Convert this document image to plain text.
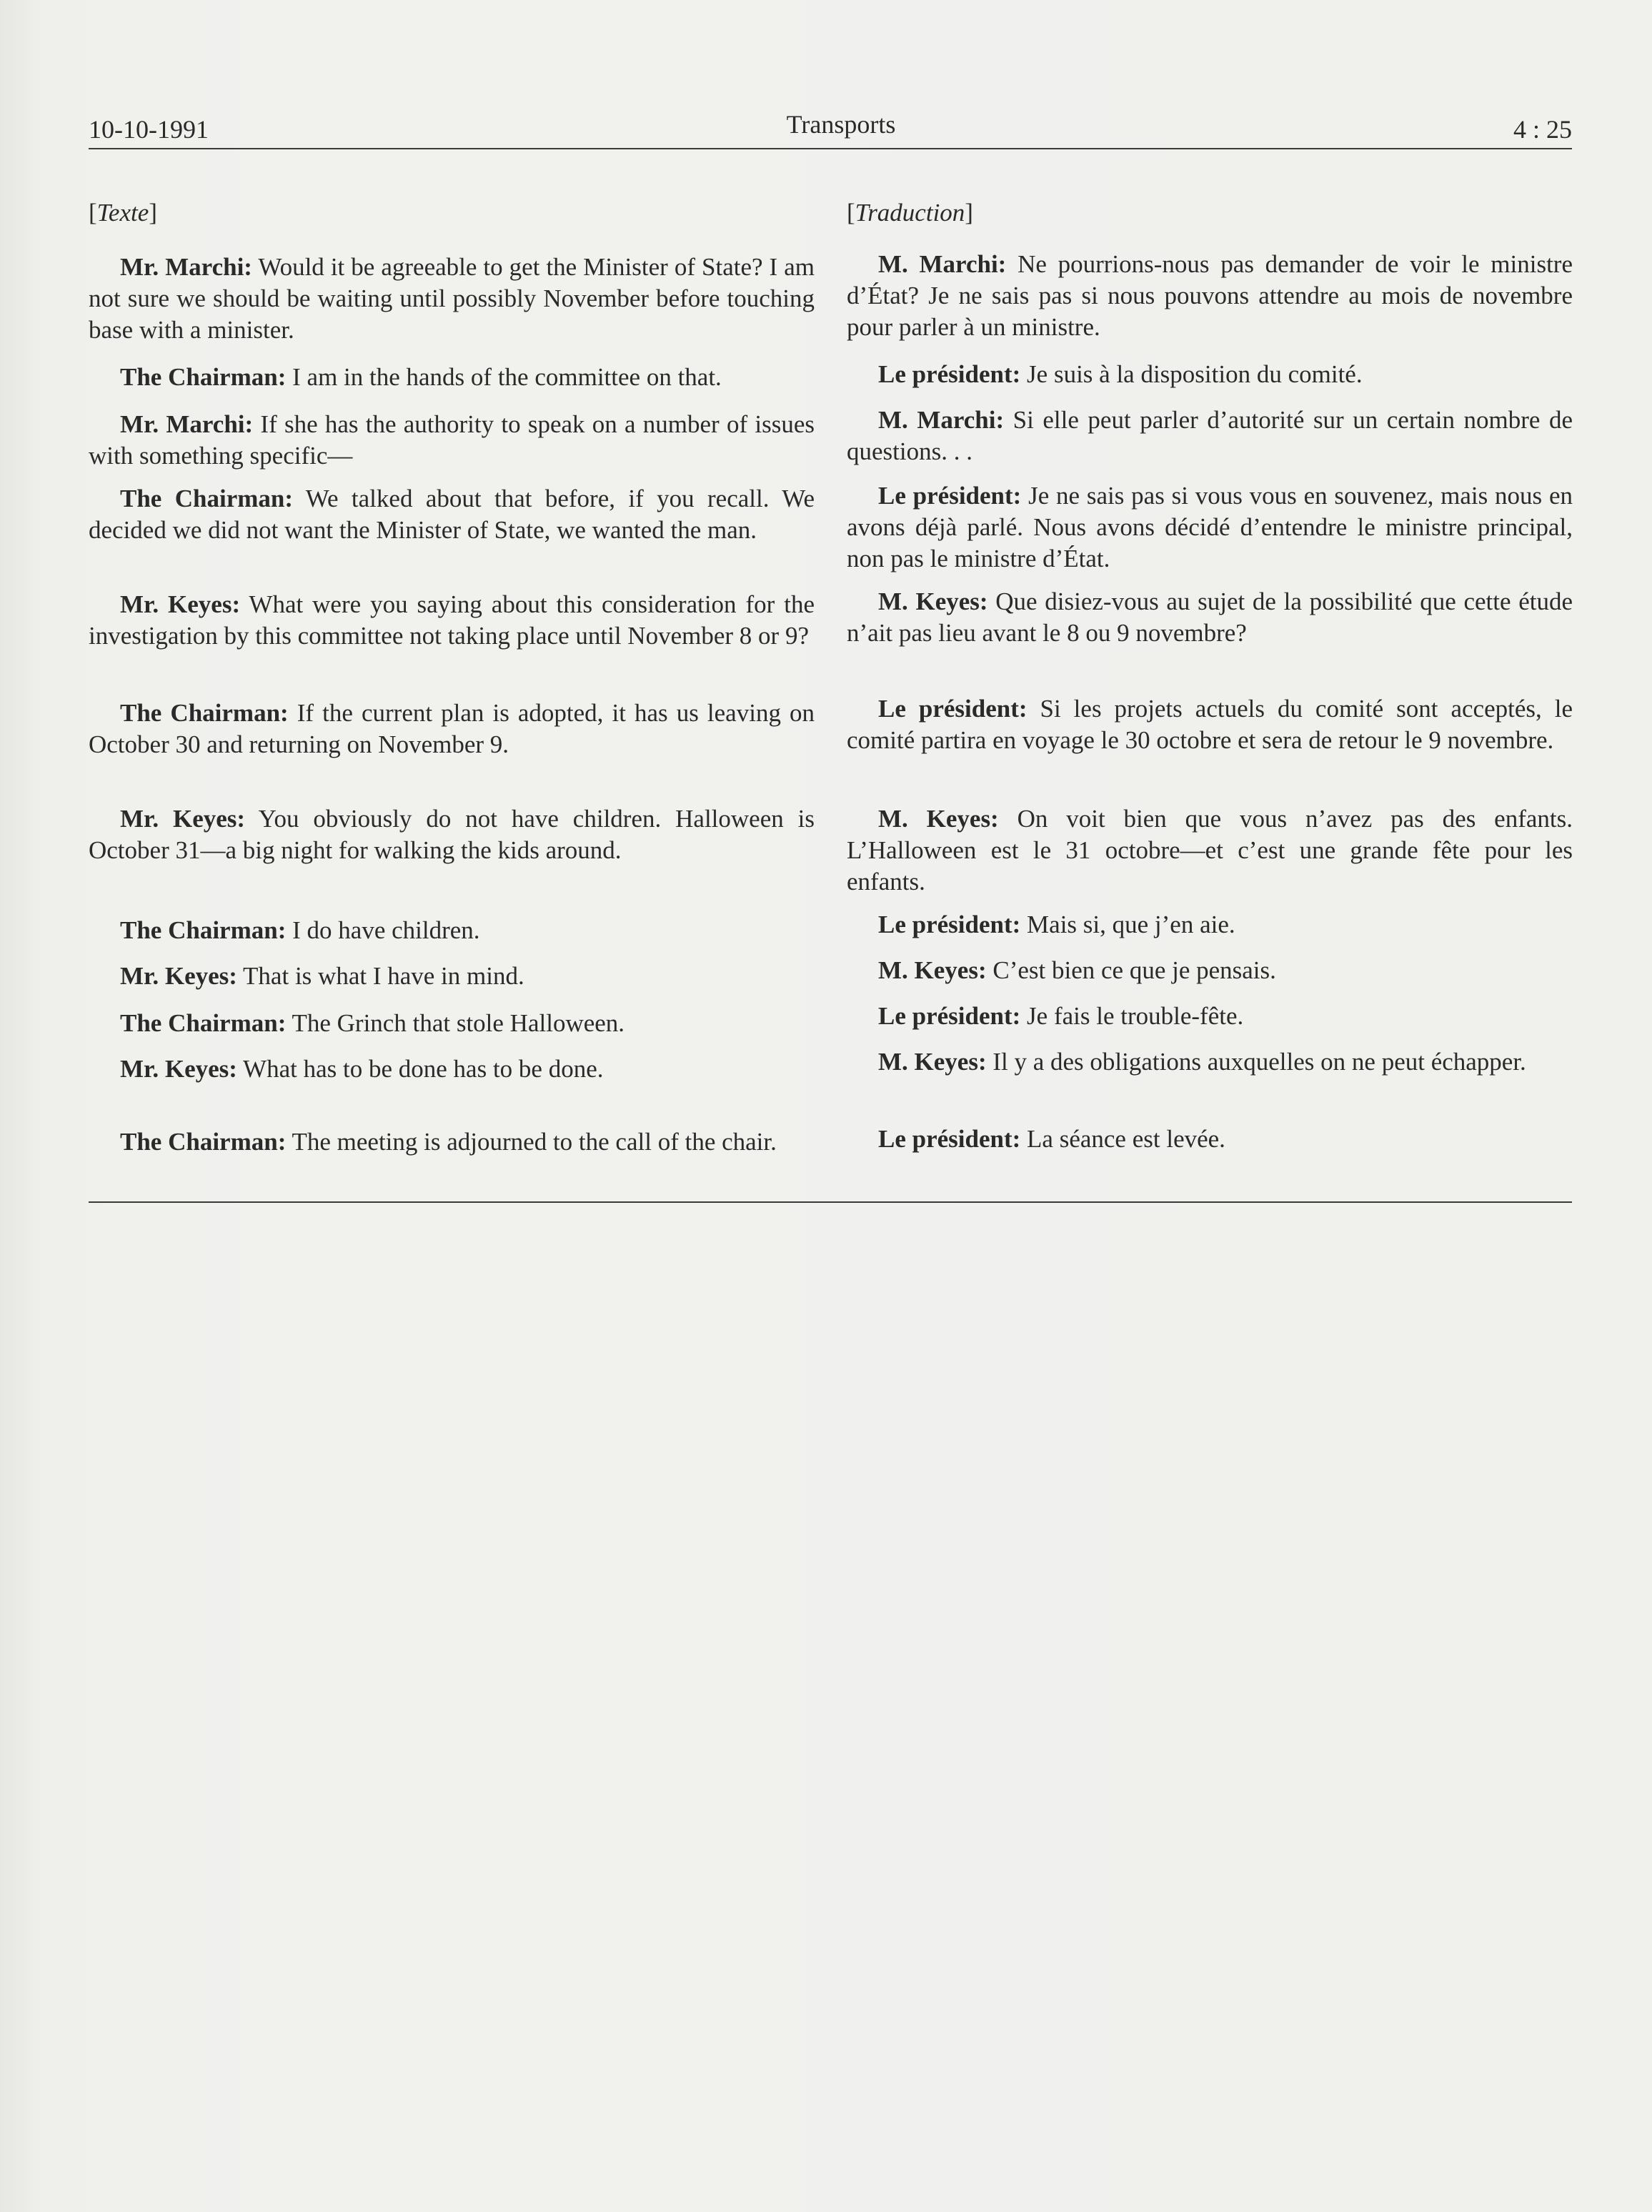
10-10-1991	Transports	4 : 25
[Texte]

Mr. Marchi: Would it be agreeable to get the Minister of State? I am not sure we should be waiting until possibly November before touching base with a minister.

The Chairman: I am in the hands of the committee on that.

Mr. Marchi: If she has the authority to speak on a number of issues with something specific—

The Chairman: We talked about that before, if you recall. We decided we did not want the Minister of State, we wanted the man.

Mr. Keyes: What were you saying about this consideration for the investigation by this committee not taking place until November 8 or 9?

The Chairman: If the current plan is adopted, it has us leaving on October 30 and returning on November 9.

Mr. Keyes: You obviously do not have children. Halloween is October 31—a big night for walking the kids around.

The Chairman: I do have children.

Mr. Keyes: That is what I have in mind.

The Chairman: The Grinch that stole Halloween.

Mr. Keyes: What has to be done has to be done.

The Chairman: The meeting is adjourned to the call of the chair.

[Traduction]

M. Marchi: Ne pourrions-nous pas demander de voir le ministre d’État? Je ne sais pas si nous pouvons attendre au mois de novembre pour parler à un ministre.

Le président: Je suis à la disposition du comité.

M. Marchi: Si elle peut parler d’autorité sur un certain nombre de questions. . .

Le président: Je ne sais pas si vous vous en souvenez, mais nous en avons déjà parlé. Nous avons décidé d’entendre le ministre principal, non pas le ministre d’État.

M. Keyes: Que disiez-vous au sujet de la possibilité que cette étude n’ait pas lieu avant le 8 ou 9 novembre?

Le président: Si les projets actuels du comité sont acceptés, le comité partira en voyage le 30 octobre et sera de retour le 9 novembre.

M. Keyes: On voit bien que vous n’avez pas des enfants. L’Halloween est le 31 octobre—et c’est une grande fête pour les enfants.

Le président: Mais si, que j’en aie.

M. Keyes: C’est bien ce que je pensais.

Le président: Je fais le trouble-fête.

M. Keyes: Il y a des obligations auxquelles on ne peut échapper.

Le président: La séance est levée.
